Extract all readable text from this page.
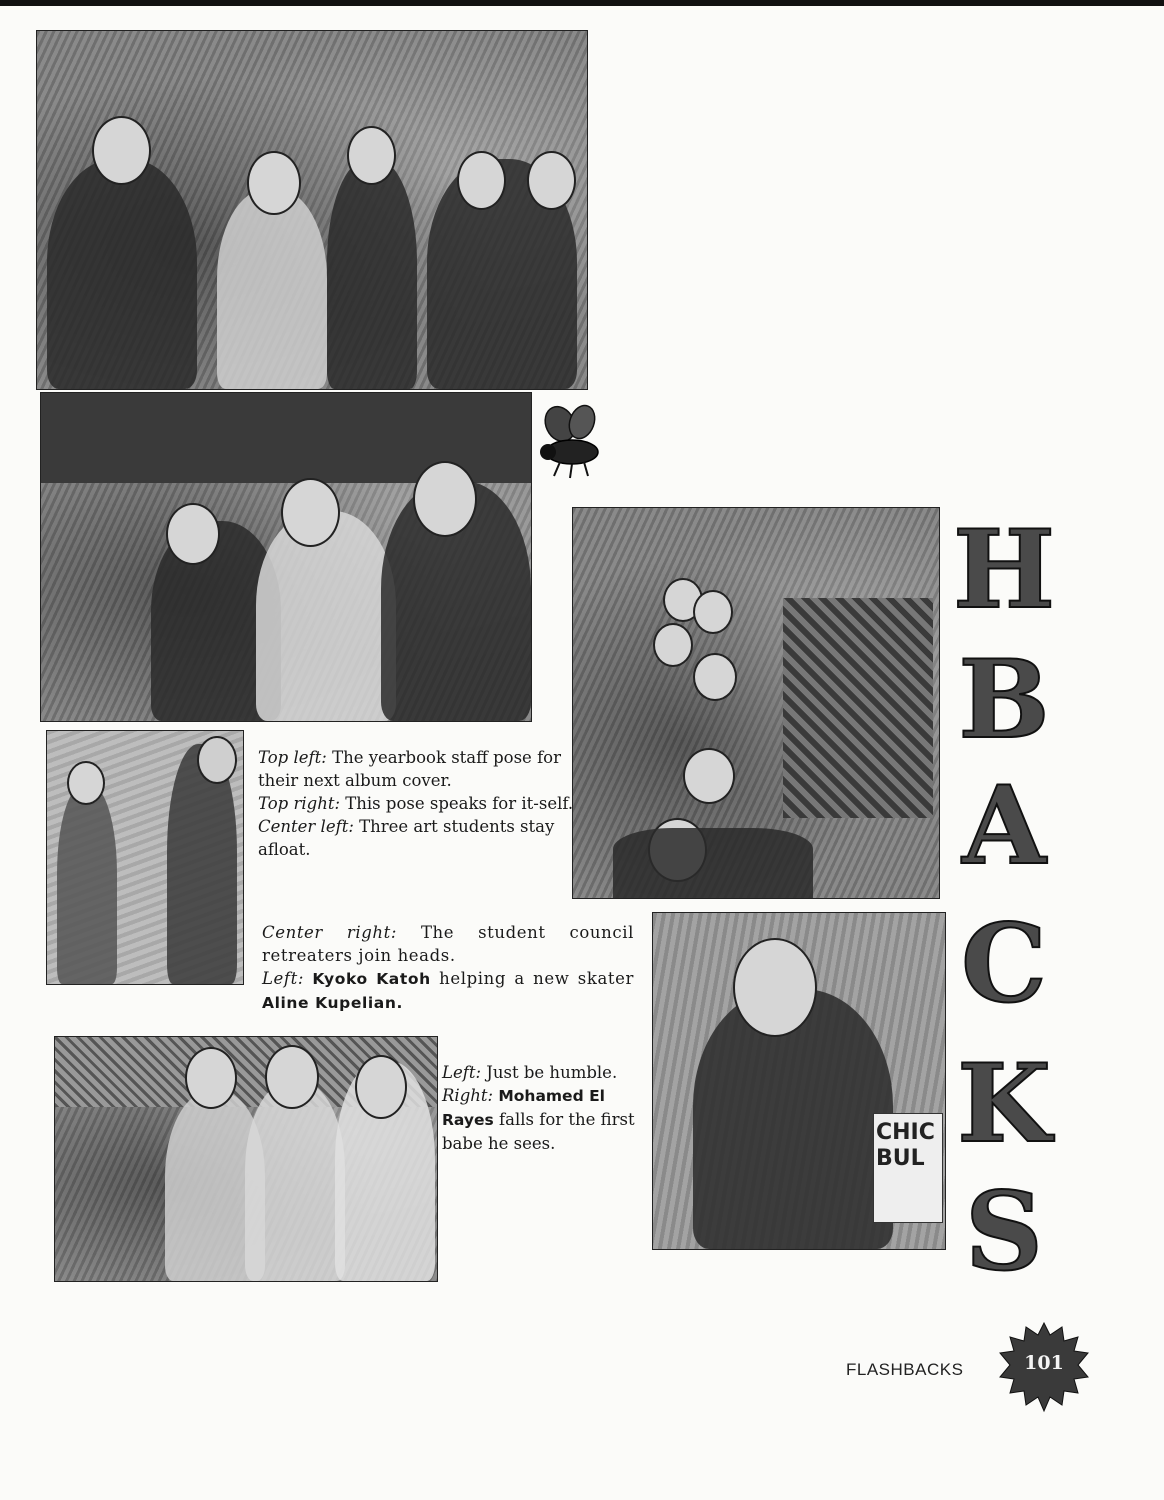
Top left: The yearbook staff pose for their next album cover.
Top right: This pose speaks for it-self.
Center left: Three art students stay afloat.
Center right: The student council retreaters join heads.
Left: Kyoko Katoh helping a new skater Aline Kupelian.
Left: Just be humble.
Right: Mohamed El Rayes falls for the first babe he sees.	CHIC BUL
H
B
A
C
K
S
FLASHBACKS	101
